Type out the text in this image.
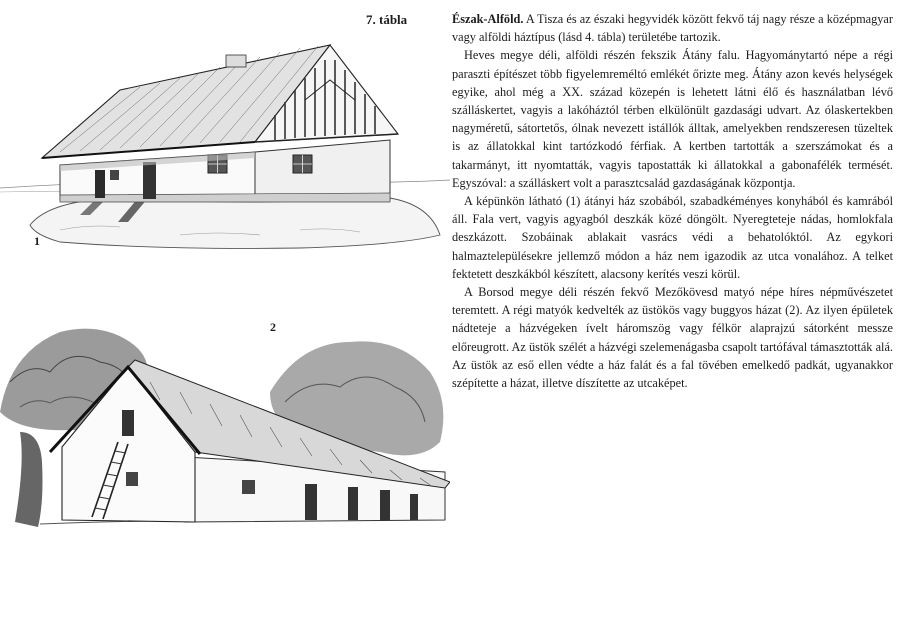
7. tábla
1
2

Észak-Alföld. A Tisza és az északi hegyvidék között fekvő táj nagy része a középmagyar vagy alföldi háztípus (lásd 4. tábla) területébe tartozik.

Heves megye déli, alföldi részén fekszik Átány falu. Hagyománytartó népe a régi paraszti építészet több figyelemreméltó emlékét őrizte meg. Átány azon kevés helységek egyike, ahol még a XX. század közepén is lehetett látni élő és használatban lévő szálláskertet, vagyis a lakóháztól térben elkülönült gazdasági udvart. Az ólaskertekben nagyméretű, sátortetős, ólnak nevezett istállók álltak, amelyekben rendszeresen tüzeltek is az állatokkal kint tartózkodó férfiak. A kertben tartották a szerszámokat és a takarmányt, itt nyomtatták, vagyis tapostatták ki állatokkal a gabonafélék termését. Egyszóval: a szálláskert volt a parasztcsalád gazdaságának központja.

A képünkön látható (1) átányi ház szobából, szabadkéményes konyhából és kamrából áll. Fala vert, vagyis agyagból deszkák közé döngölt. Nyeregteteje nádas, homlokfala deszkázott. Szobáinak ablakait vasrács védi a behatolóktól. Az egykori halmaztelepülésekre jellemző módon a ház nem igazodik az utca vonalához. A telket fektetett deszkákból készített, alacsony kerítés veszi körül.

A Borsod megye déli részén fekvő Mezőkövesd matyó népe híres népművészetet teremtett. A régi matyók kedvelték az üstökös vagy buggyos házat (2). Az ilyen épületek nádteteje a házvégeken ívelt háromszög vagy félkör alaprajzú sátorként messze előreugrott. Az üstök szélét a házvégi szelemenágasba csapolt tartófával támasztották alá. Az üstök az eső ellen védte a ház falát és a fal tövében emelkedő padkát, ugyanakkor szépítette a házat, illetve díszítette az utcaképet.
